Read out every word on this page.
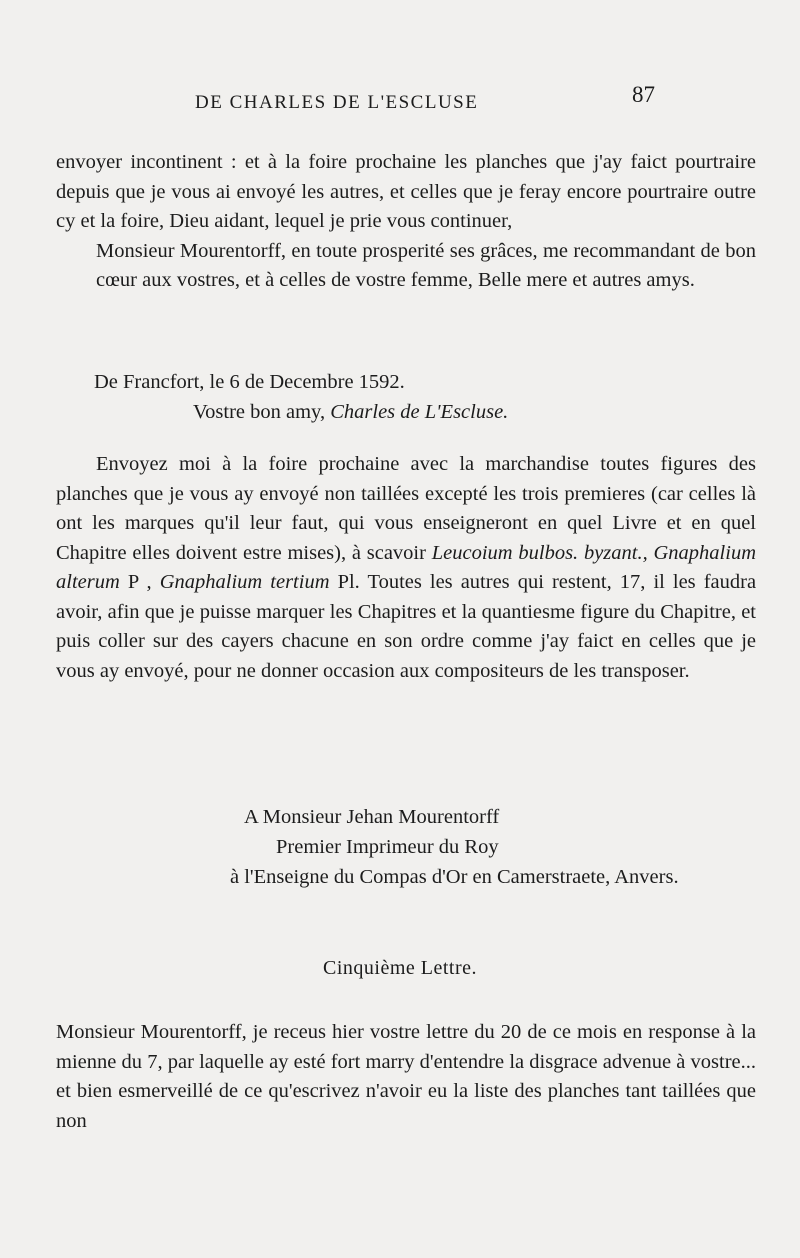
DE CHARLES DE L'ESCLUSE	87
envoyer incontinent : et à la foire prochaine les planches que j'ay faict pourtraire depuis que je vous ai envoyé les autres, et celles que je feray encore pourtraire outre cy et la foire, Dieu aidant, lequel je prie vous continuer,
Monsieur Mourentorff, en toute prosperité ses grâces, me recommandant de bon cœur aux vostres, et à celles de vostre femme, Belle mere et autres amys.
De Francfort, le 6 de Decembre 1592.
Vostre bon amy, Charles de L'Escluse.
Envoyez moi à la foire prochaine avec la marchandise toutes figures des planches que je vous ay envoyé non taillées excepté les trois premieres (car celles là ont les marques qu'il leur faut, qui vous enseigneront en quel Livre et en quel Chapitre elles doivent estre mises), à scavoir Leucoium bulbos. byzant., Gnaphalium alterum P , Gnaphalium tertium Pl. Toutes les autres qui restent, 17, il les faudra avoir, afin que je puisse marquer les Chapitres et la quantiesme figure du Chapitre, et puis coller sur des cayers chacune en son ordre comme j'ay faict en celles que je vous ay envoyé, pour ne donner occasion aux compositeurs de les transposer.
A Monsieur Jehan Mourentorff
Premier Imprimeur du Roy
à l'Enseigne du Compas d'Or en Camerstraete, Anvers.
Cinquième Lettre.
Monsieur Mourentorff, je receus hier vostre lettre du 20 de ce mois en response à la mienne du 7, par laquelle ay esté fort marry d'entendre la disgrace advenue à vostre... et bien esmerveillé de ce qu'escrivez n'avoir eu la liste des planches tant taillées que non
